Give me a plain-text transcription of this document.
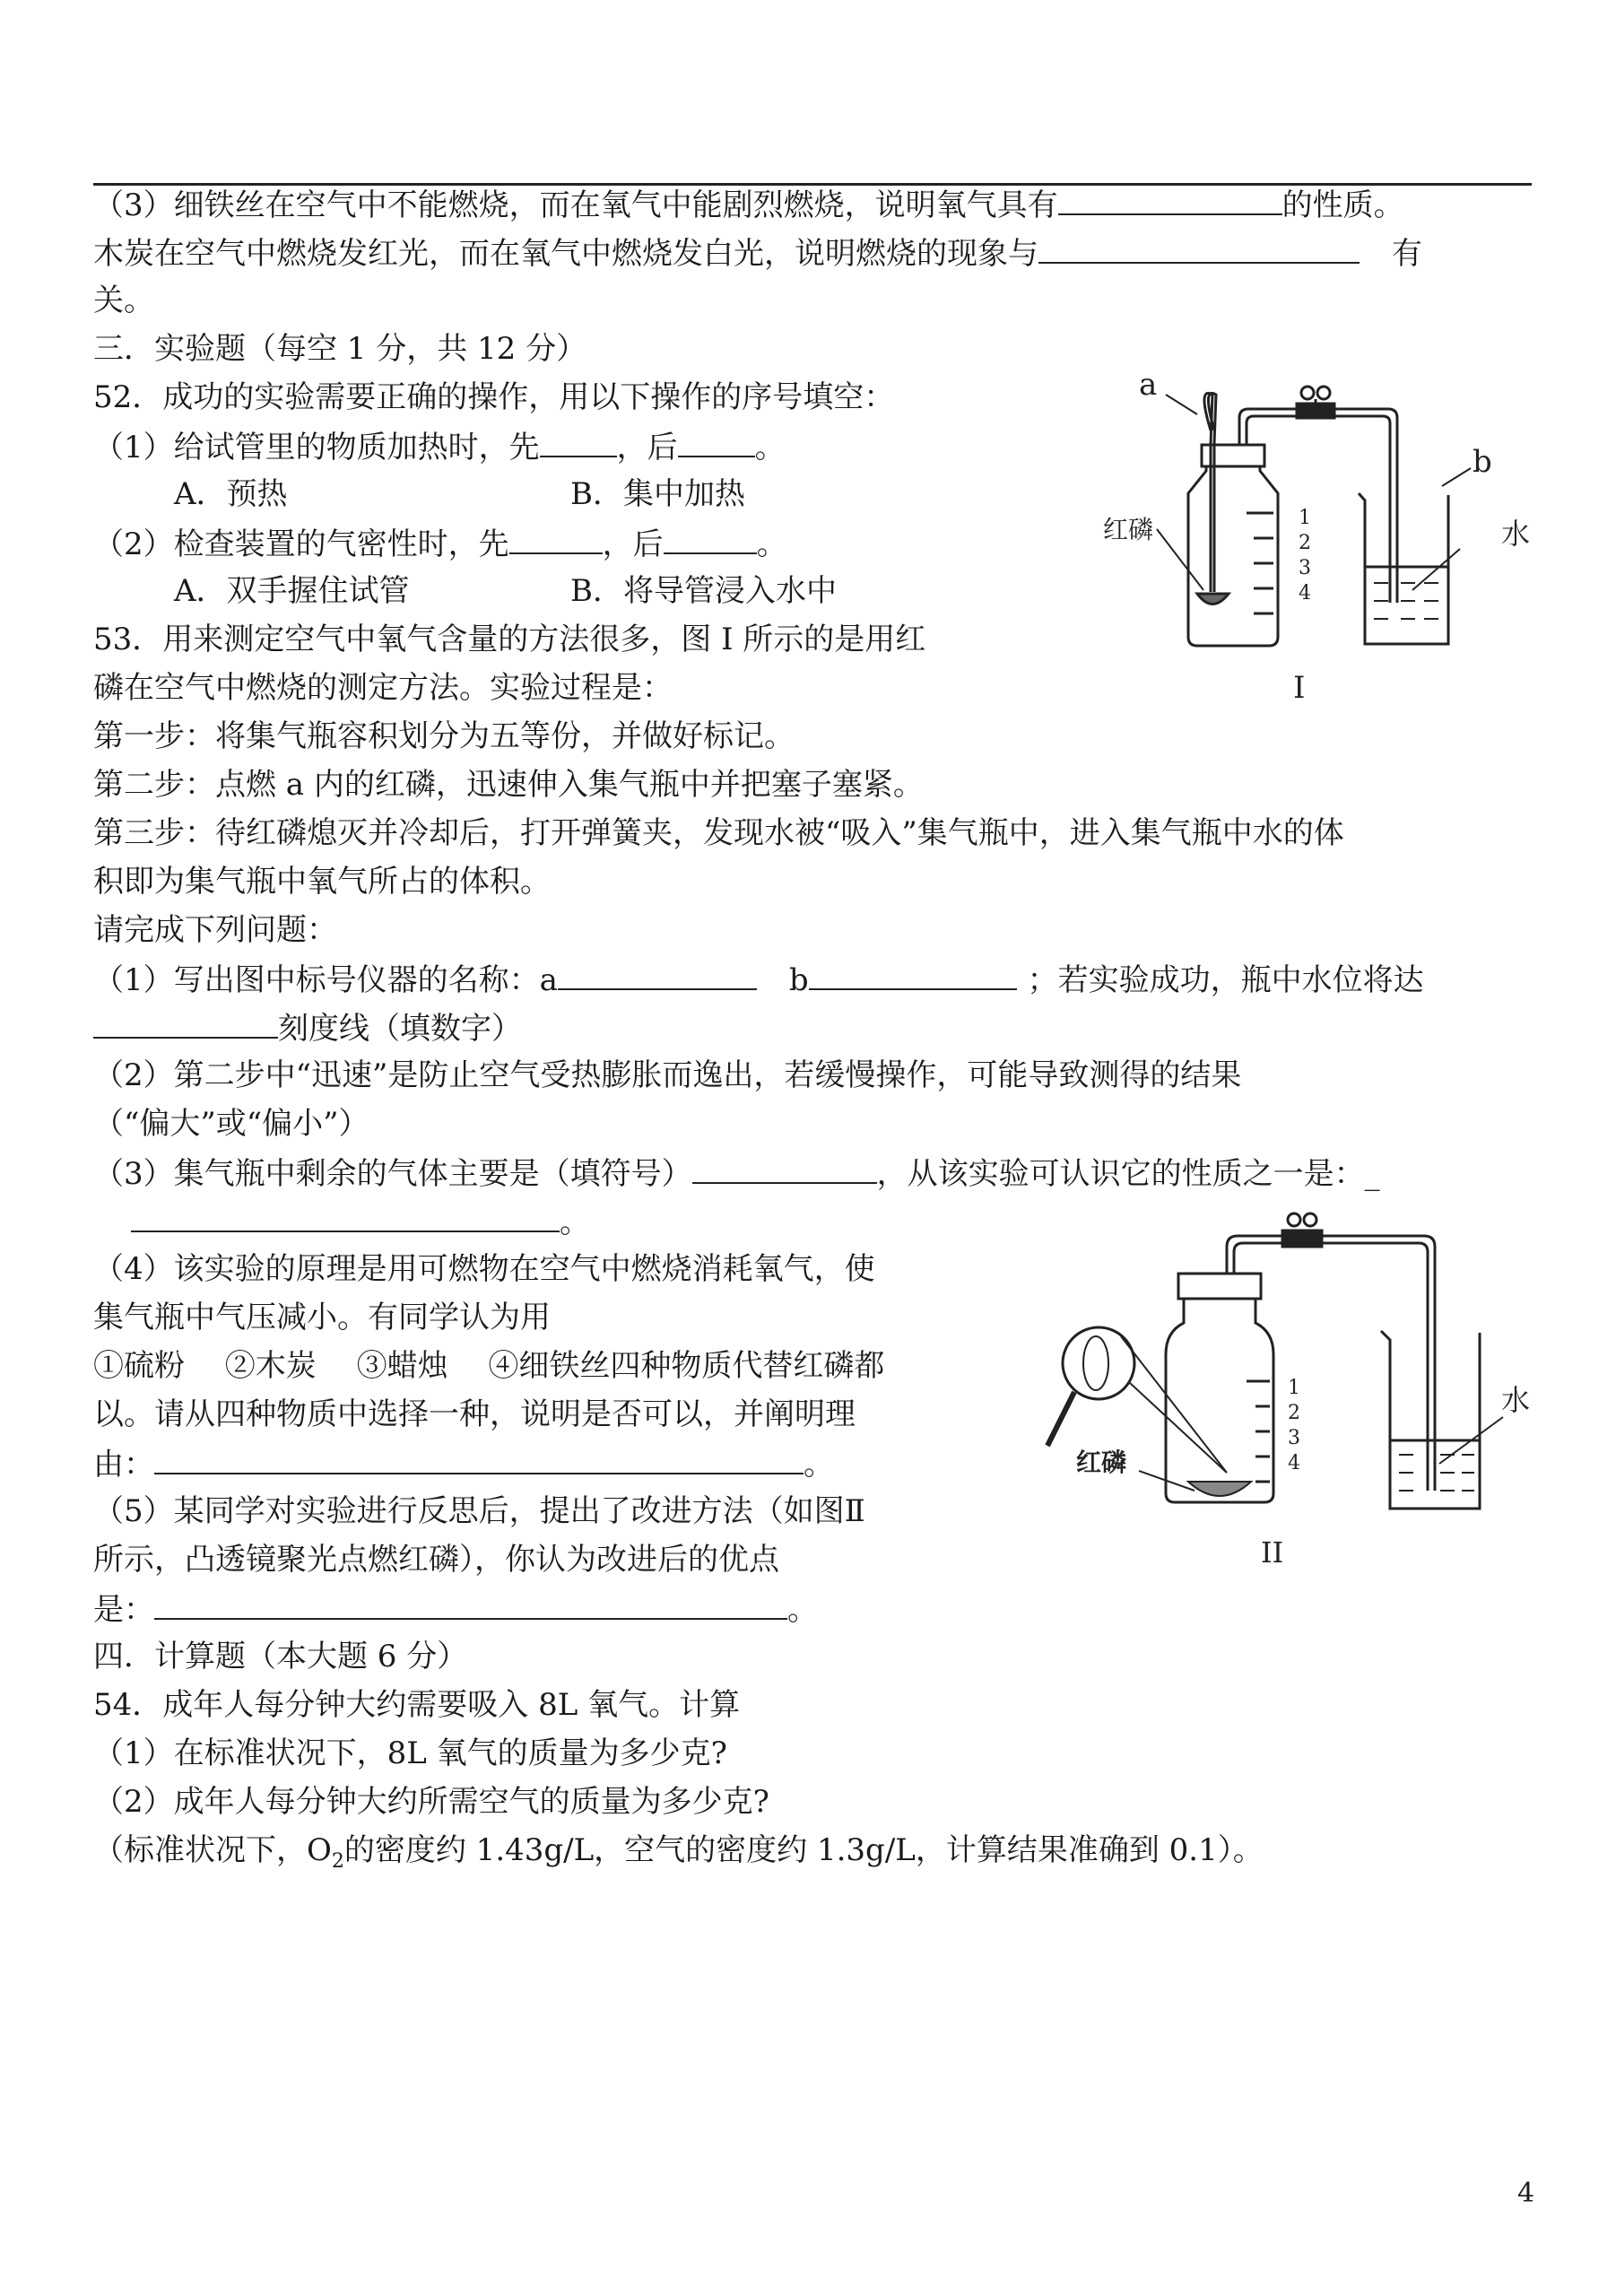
（3）细铁丝在空气中不能燃烧，而在氧气中能剧烈燃烧，说明氧气具有	的性质。
木炭在空气中燃烧发红光，而在氧气中燃烧发白光，说明燃烧的现象与	有
关。
三．实验题（每空 1 分，共 12 分）
52．成功的实验需要正确的操作，用以下操作的序号填空：
（1）给试管里的物质加热时，先	，后	。
A．预热	B．集中加热
（2）检查装置的气密性时，先	，后	。
A．双手握住试管	B．将导管浸入水中
53．用来测定空气中氧气含量的方法很多，图 I 所示的是用红
磷在空气中燃烧的测定方法。实验过程是：
第一步：将集气瓶容积划分为五等份，并做好标记。
第二步：点燃 a 内的红磷，迅速伸入集气瓶中并把塞子塞紧。
第三步：待红磷熄灭并冷却后，打开弹簧夹，发现水被“吸入”集气瓶中，进入集气瓶中水的体
积即为集气瓶中氧气所占的体积。
请完成下列问题：
（1）写出图中标号仪器的名称：a	b	；若实验成功，瓶中水位将达
刻度线（填数字）
（2）第二步中“迅速”是防止空气受热膨胀而逸出，若缓慢操作，可能导致测得的结果
（“偏大”或“偏小”）
（3）集气瓶中剩余的气体主要是（填符号）	，从该实验可认识它的性质之一是：_
。
（4）该实验的原理是用可燃物在空气中燃烧消耗氧气，使
集气瓶中气压减小。有同学认为用
①硫粉　 ②木炭　 ③蜡烛　 ④细铁丝四种物质代替红磷都
以。请从四种物质中选择一种，说明是否可以，并阐明理
由：	。
（5）某同学对实验进行反思后，提出了改进方法（如图Ⅱ
所示，凸透镜聚光点燃红磷），你认为改进后的优点
是：	。
四．计算题（本大题 6 分）
54．成年人每分钟大约需要吸入 8L 氧气。计算
（1）在标准状况下，8L 氧气的质量为多少克?
（2）成年人每分钟大约所需空气的质量为多少克?
（标准状况下，$O_2$的密度约 1.43g/L，空气的密度约 1.3g/L，计算结果准确到 0.1）。
a
b
红磷	水
1
2
3
4
I
红磷
水
1
2
3
4
II
4
